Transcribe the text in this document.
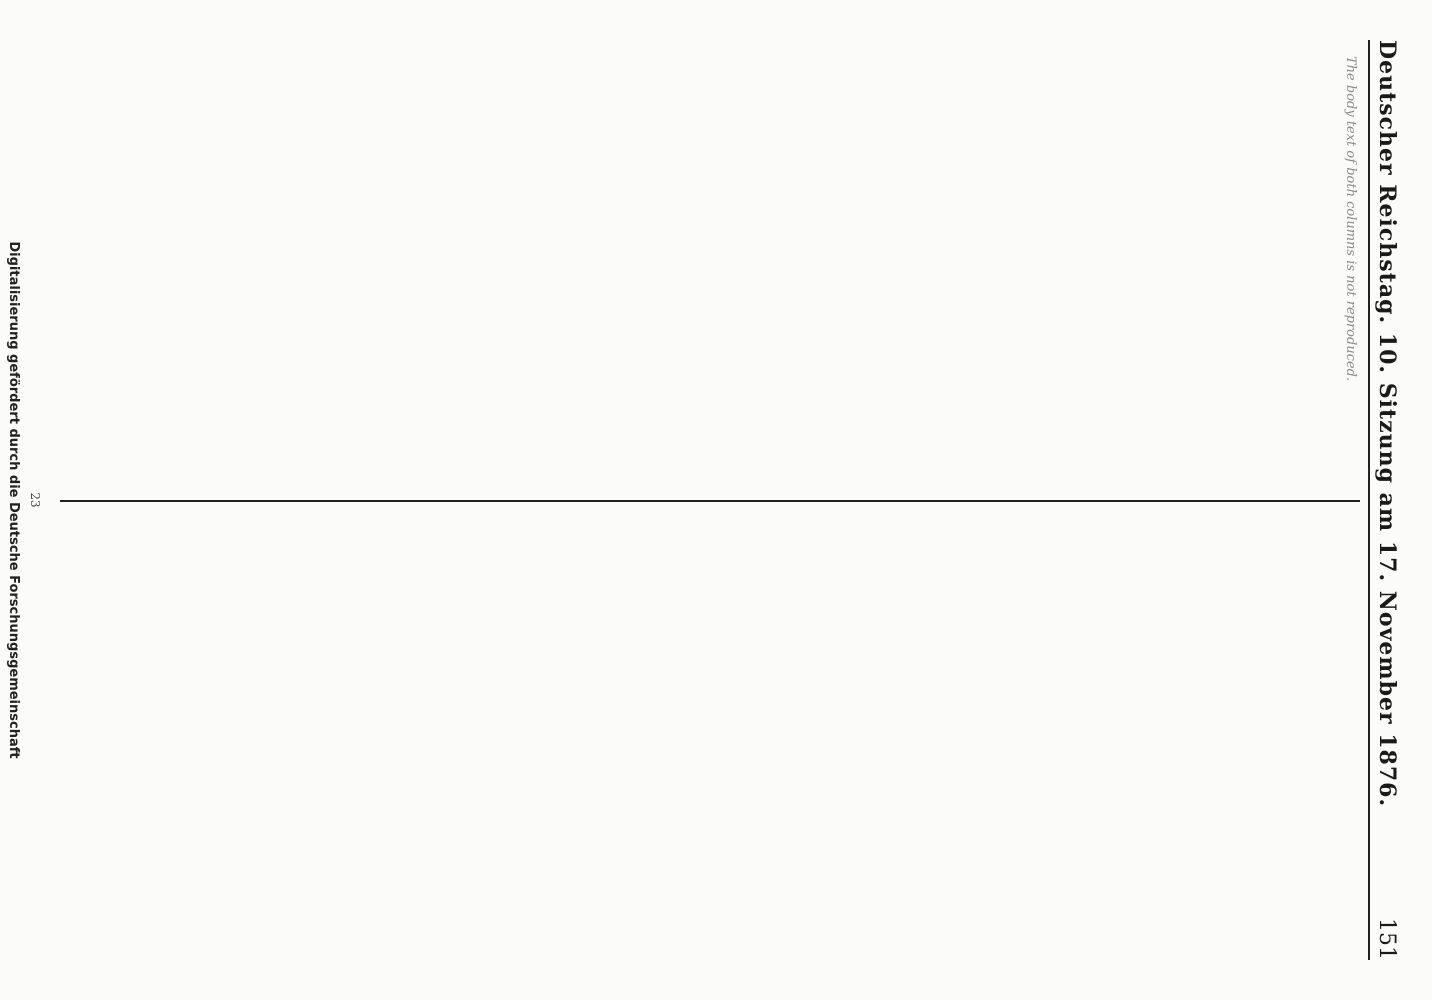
Deutscher Reichstag. 10. Sitzung am 17. November 1876.
151

The body text of both columns is not reproduced.

23
Digitalisierung gefördert durch die Deutsche Forschungsgemeinschaft
